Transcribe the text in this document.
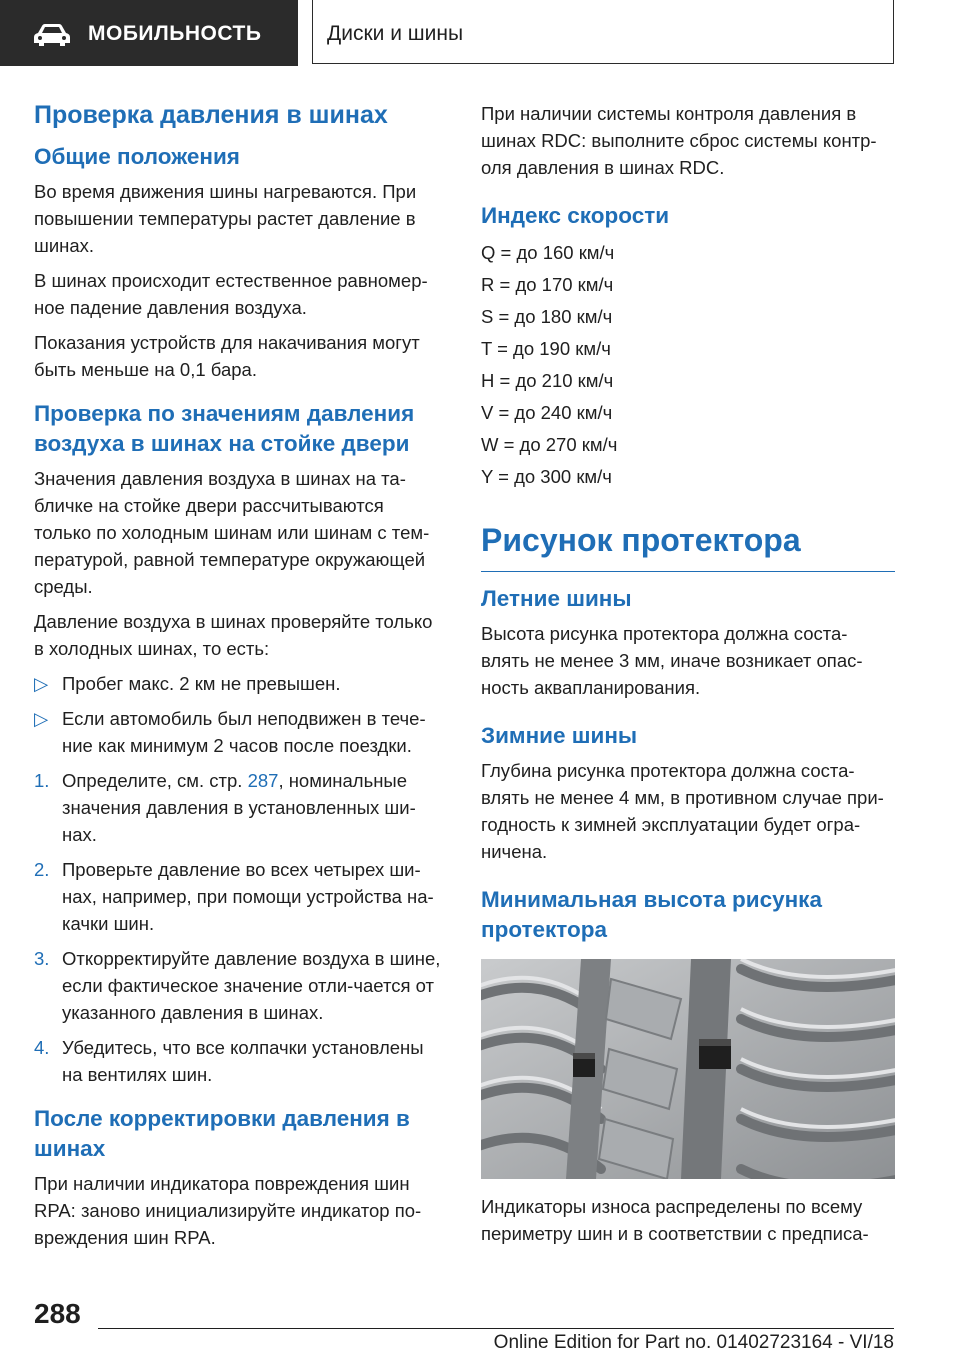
МОБИЛЬНОСТЬ	Диски и шины
Проверка давления в шинах
Общие положения

Во время движения шины нагреваются. При повышении температуры растет давление в шинах.

В шинах происходит естественное равномер-ное падение давления воздуха.

Показания устройств для накачивания могут быть меньше на 0,1 бара.

Проверка по значениям давления воздуха в шинах на стойке двери

Значения давления воздуха в шинах на та-бличке на стойке двери рассчитываются только по холодным шинам или шинам с тем-пературой, равной температуре окружающей среды.

Давление воздуха в шинах проверяйте только в холодных шинах, то есть:

▷ Пробег макс. 2 км не превышен.
▷ Если автомобиль был неподвижен в тече-ние как минимум 2 часов после поездки.
1. Определите, см. стр. 287, номинальные значения давления в установленных ши-нах.
2. Проверьте давление во всех четырех ши-нах, например, при помощи устройства на-качки шин.
3. Откорректируйте давление воздуха в шине, если фактическое значение отли-чается от указанного давления в шинах.
4. Убедитесь, что все колпачки установлены на вентилях шин.
После корректировки давления в шинах

При наличии индикатора повреждения шин RPA: заново инициализируйте индикатор по-вреждения шин RPA.

При наличии системы контроля давления в шинах RDC: выполните сброс системы контр-оля давления в шинах RDC.

Индекс скорости

Q = до 160 км/ч

R = до 170 км/ч

S = до 180 км/ч

T = до 190 км/ч

H = до 210 км/ч

V = до 240 км/ч

W = до 270 км/ч

Y = до 300 км/ч

Рисунок протектора
Летние шины

Высота рисунка протектора должна соста-влять не менее 3 мм, иначе возникает опас-ность аквапланирования.

Зимние шины

Глубина рисунка протектора должна соста-влять не менее 4 мм, в противном случае при-годность к зимней эксплуатации будет огра-ничена.

Минимальная высота рисунка протектора

Индикаторы износа распределены по всему периметру шин и в соответствии с предписа-

288
Online Edition for Part no. 01402723164 - VI/18
